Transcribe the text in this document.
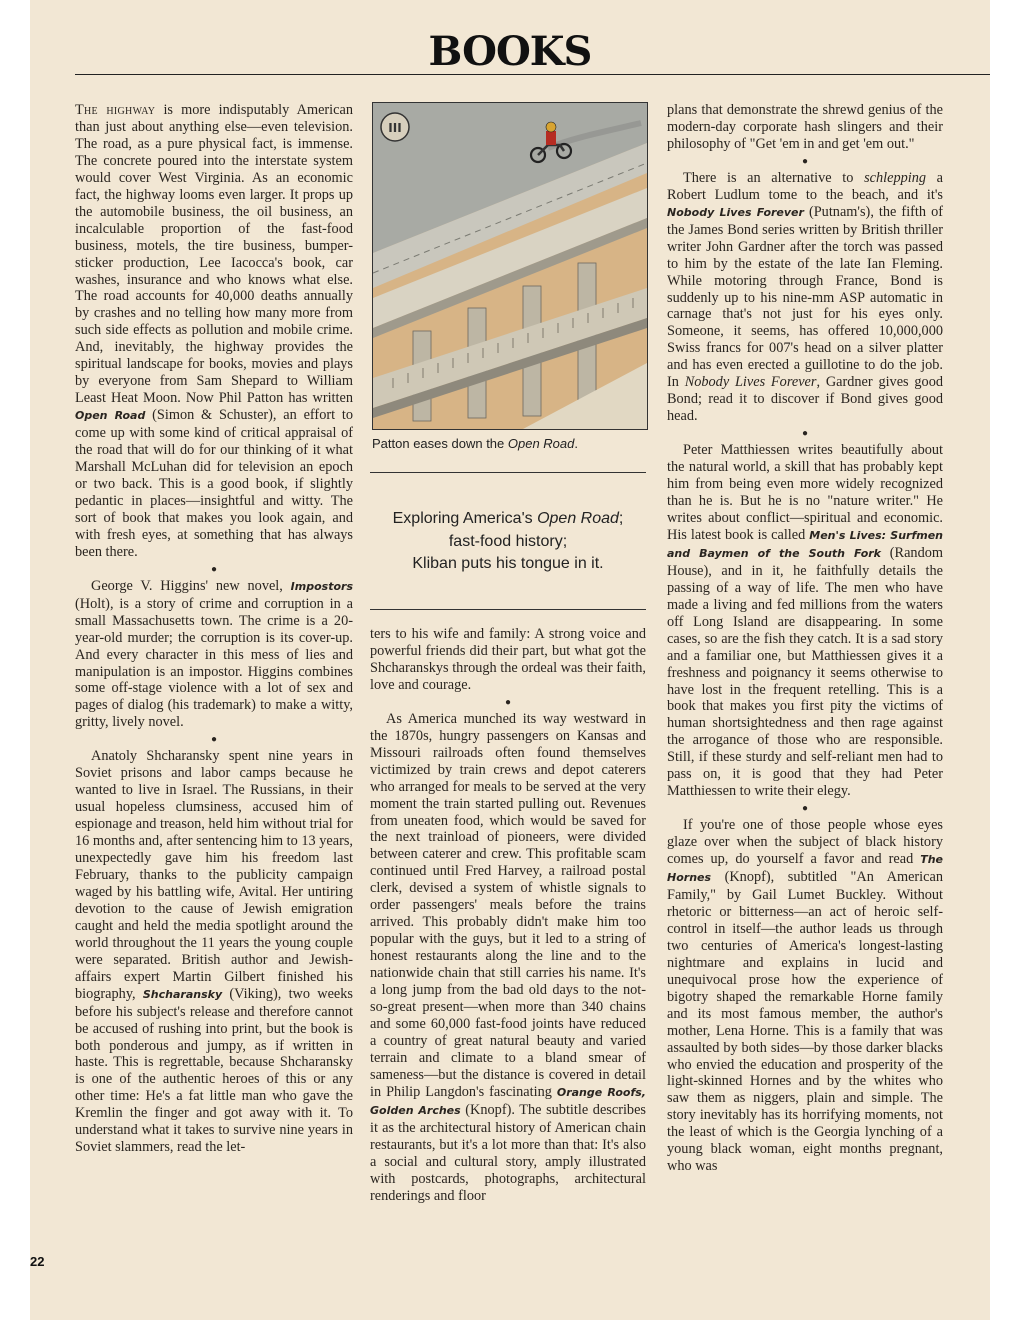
BOOKS

The highway is more indisputably American than just about anything else—even television. The road, as a pure physical fact, is immense. The concrete poured into the interstate system would cover West Virginia. As an economic fact, the highway looms even larger. It props up the automobile business, the oil business, an incalculable proportion of the fast-food business, motels, the tire business, bumper-sticker production, Lee Iacocca's book, car washes, insurance and who knows what else. The road accounts for 40,000 deaths annually by crashes and no telling how many more from such side effects as pollution and mobile crime. And, inevitably, the highway provides the spiritual landscape for books, movies and plays by everyone from Sam Shepard to William Least Heat Moon. Now Phil Patton has written Open Road (Simon & Schuster), an effort to come up with some kind of critical appraisal of the road that will do for our thinking of it what Marshall McLuhan did for television an epoch or two back. This is a good book, if slightly pedantic in places—insightful and witty. The sort of book that makes you look again, and with fresh eyes, at something that has always been there.

●

George V. Higgins' new novel, Impostors (Holt), is a story of crime and corruption in a small Massachusetts town. The crime is a 20-year-old murder; the corruption is its cover-up. And every character in this mess of lies and manipulation is an impostor. Higgins combines some off-stage violence with a lot of sex and pages of dialog (his trademark) to make a witty, gritty, lively novel.

●

Anatoly Shcharansky spent nine years in Soviet prisons and labor camps because he wanted to live in Israel. The Russians, in their usual hopeless clumsiness, accused him of espionage and treason, held him without trial for 16 months and, after sentencing him to 13 years, unexpectedly gave him his freedom last February, thanks to the publicity campaign waged by his battling wife, Avital. Her untiring devotion to the cause of Jewish emigration caught and held the media spotlight around the world throughout the 11 years the young couple were separated. British author and Jewish-affairs expert Martin Gilbert finished his biography, Shcharansky (Viking), two weeks before his subject's release and therefore cannot be accused of rushing into print, but the book is both ponderous and jumpy, as if written in haste. This is regrettable, because Shcharansky is one of the authentic heroes of this or any other time: He's a fat little man who gave the Kremlin the finger and got away with it. To understand what it takes to survive nine years in Soviet slammers, read the let-

III
Patton eases down the Open Road.
Exploring America's Open Road;
fast-food history;
Kliban puts his tongue in it.

ters to his wife and family: A strong voice and powerful friends did their part, but what got the Shcharanskys through the ordeal was their faith, love and courage.

●

As America munched its way westward in the 1870s, hungry passengers on Kansas and Missouri railroads often found themselves victimized by train crews and depot caterers who arranged for meals to be served at the very moment the train started pulling out. Revenues from uneaten food, which would be saved for the next trainload of pioneers, were divided between caterer and crew. This profitable scam continued until Fred Harvey, a railroad postal clerk, devised a system of whistle signals to order passengers' meals before the trains arrived. This probably didn't make him too popular with the guys, but it led to a string of honest restaurants along the line and to the nationwide chain that still carries his name. It's a long jump from the bad old days to the not-so-great present—when more than 340 chains and some 60,000 fast-food joints have reduced a country of great natural beauty and varied terrain and climate to a bland smear of sameness—but the distance is covered in detail in Philip Langdon's fascinating Orange Roofs, Golden Arches (Knopf). The subtitle describes it as the architectural history of American chain restaurants, but it's a lot more than that: It's also a social and cultural story, amply illustrated with postcards, photographs, architectural renderings and floor

plans that demonstrate the shrewd genius of the modern-day corporate hash slingers and their philosophy of "Get 'em in and get 'em out."

●

There is an alternative to schlepping a Robert Ludlum tome to the beach, and it's Nobody Lives Forever (Putnam's), the fifth of the James Bond series written by British thriller writer John Gardner after the torch was passed to him by the estate of the late Ian Fleming. While motoring through France, Bond is suddenly up to his nine-mm ASP automatic in carnage that's not just for his eyes only. Someone, it seems, has offered 10,000,000 Swiss francs for 007's head on a silver platter and has even erected a guillotine to do the job. In Nobody Lives Forever, Gardner gives good Bond; read it to discover if Bond gives good head.

●

Peter Matthiessen writes beautifully about the natural world, a skill that has probably kept him from being even more widely recognized than he is. But he is no "nature writer." He writes about conflict—spiritual and economic. His latest book is called Men's Lives: Surfmen and Baymen of the South Fork (Random House), and in it, he faithfully details the passing of a way of life. The men who have made a living and fed millions from the waters off Long Island are disappearing. In some cases, so are the fish they catch. It is a sad story and a familiar one, but Matthiessen gives it a freshness and poignancy it seems otherwise to have lost in the frequent retelling. This is a book that makes you first pity the victims of human shortsightedness and then rage against the arrogance of those who are responsible. Still, if these sturdy and self-reliant men had to pass on, it is good that they had Peter Matthiessen to write their elegy.

●

If you're one of those people whose eyes glaze over when the subject of black history comes up, do yourself a favor and read The Hornes (Knopf), subtitled "An American Family," by Gail Lumet Buckley. Without rhetoric or bitterness—an act of heroic self-control in itself—the author leads us through two centuries of America's longest-lasting nightmare and explains in lucid and unequivocal prose how the experience of bigotry shaped the remarkable Horne family and its most famous member, the author's mother, Lena Horne. This is a family that was assaulted by both sides—by those darker blacks who envied the education and prosperity of the light-skinned Hornes and by the whites who saw them as niggers, plain and simple. The story inevitably has its horrifying moments, not the least of which is the Georgia lynching of a young black woman, eight months pregnant, who was

22
